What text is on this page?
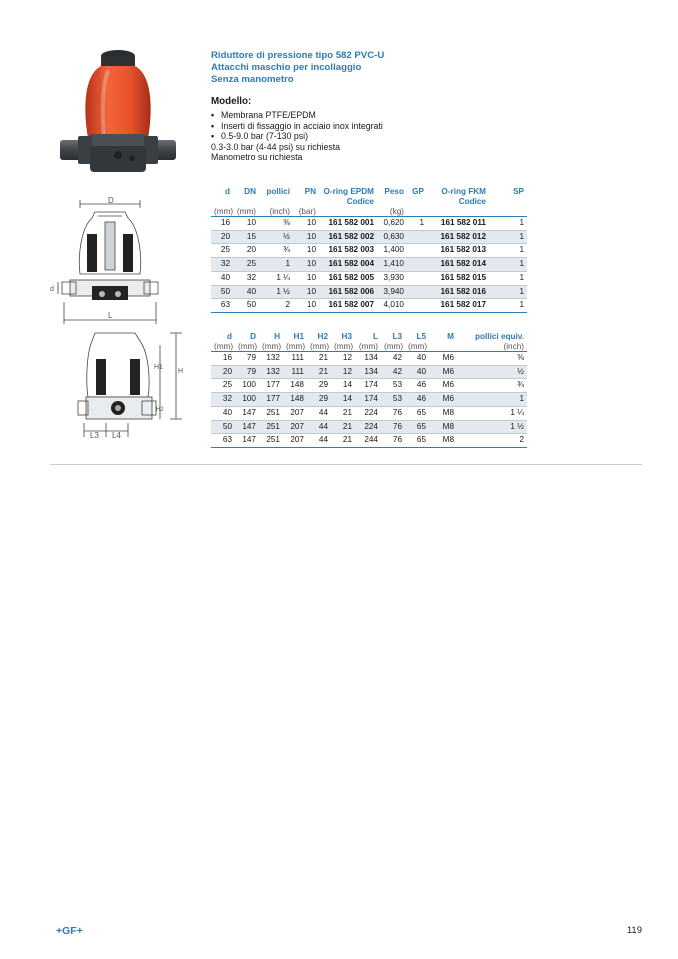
D
d
L
H
H1
H2
L3 L4
Riduttore di pressione tipo 582 PVC-U
Attacchi maschio per incollaggio
Senza manometro
Modello:
• Membrana PTFE/EPDM
• Inserti di fissaggio in acciaio inox integrati
• 0.5-9.0 bar (7-130 psi)
0.3-3.0 bar (4-44 psi) su richiesta
Manometro su richiesta
d	DN	pollici	PN	O-ring EPDM Codice	Peso	GP	O-ring FKM Codice	SP
(mm)	(mm)	(inch)	(bar)		(kg)			
16	10	⅜	10	161 582 001	0,620	1	161 582 011	1
20	15	½	10	161 582 002	0,630		161 582 012	1
25	20	¾	10	161 582 003	1,400		161 582 013	1
32	25	1	10	161 582 004	1,410		161 582 014	1
40	32	1 ¼	10	161 582 005	3,930		161 582 015	1
50	40	1 ½	10	161 582 006	3,940		161 582 016	1
63	50	2	10	161 582 007	4,010		161 582 017	1
d	D	H	H1	H2	H3	L	L3	L5	M	pollici equiv.
(mm)	(mm)	(mm)	(mm)	(mm)	(mm)	(mm)	(mm)	(mm)		(inch)
16	79	132	111	21	12	134	42	40	M6	⅜
20	79	132	111	21	12	134	42	40	M6	½
25	100	177	148	29	14	174	53	46	M6	¾
32	100	177	148	29	14	174	53	46	M6	1
40	147	251	207	44	21	224	76	65	M8	1 ¼
50	147	251	207	44	21	224	76	65	M8	1 ½
63	147	251	207	44	21	244	76	65	M8	2
+GF+	119
